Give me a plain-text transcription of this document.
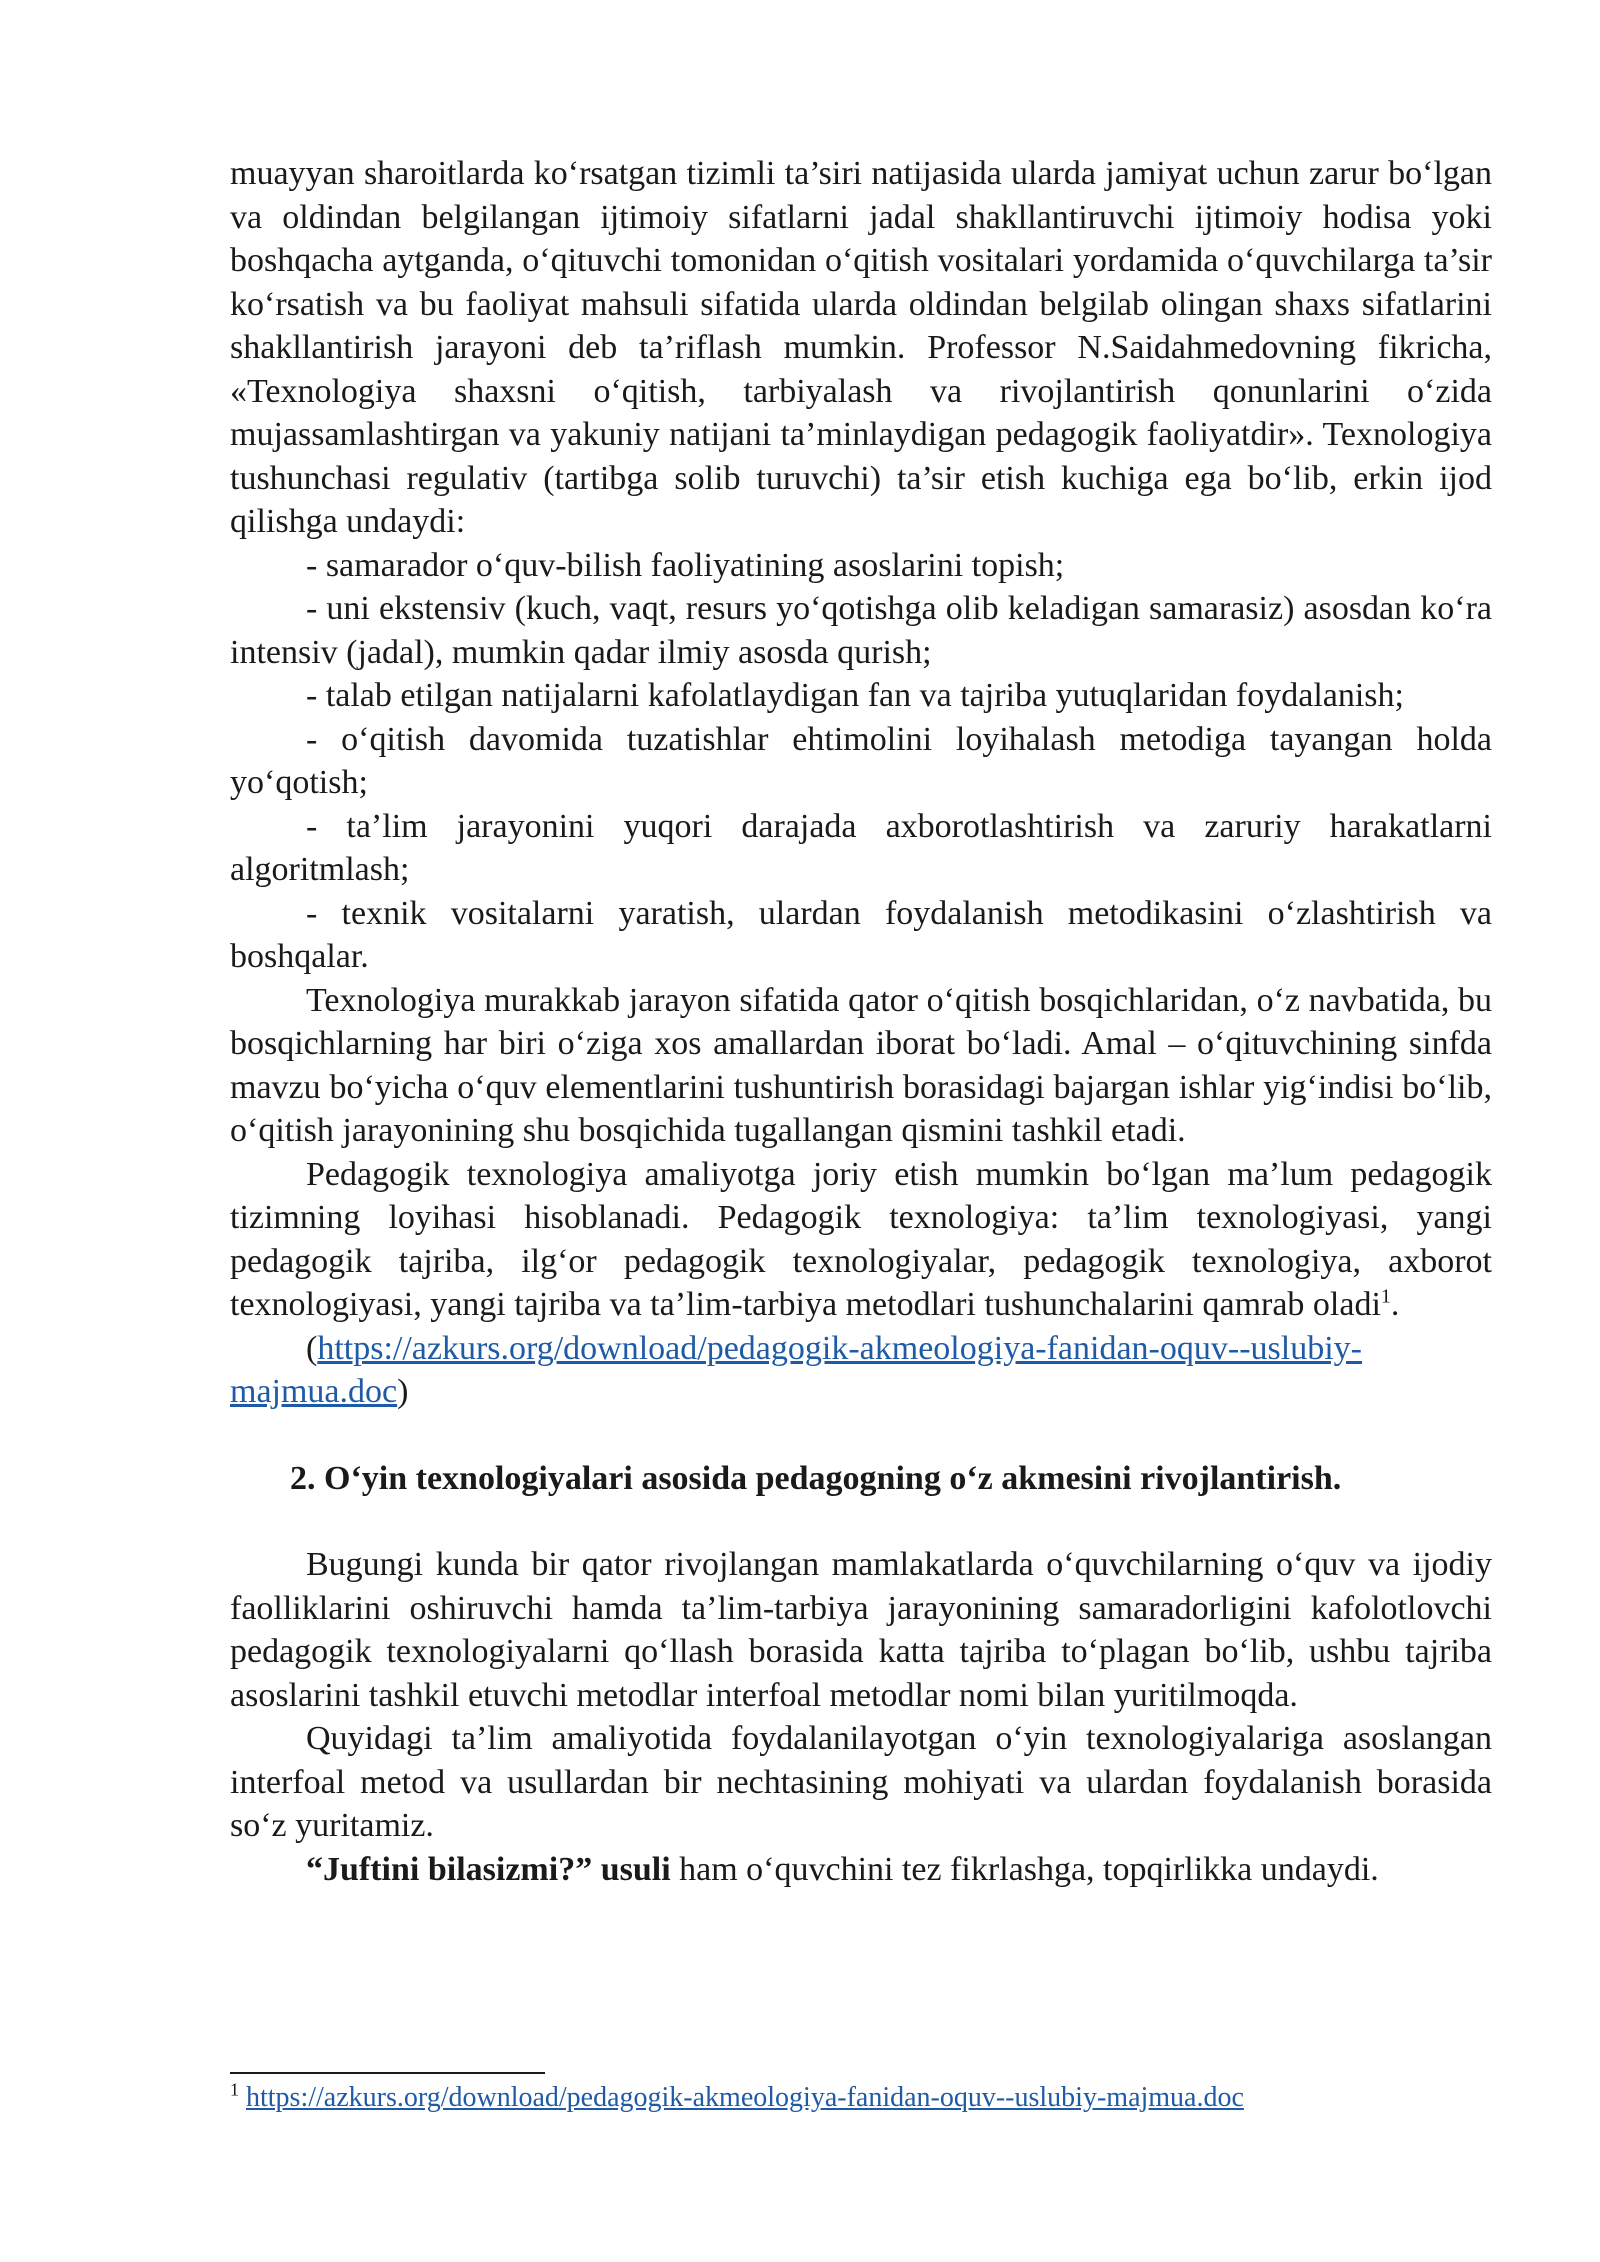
muayyan sharoitlarda ko‘rsatgan tizimli ta’siri natijasida ularda jamiyat uchun zarur bo‘lgan va oldindan belgilangan ijtimoiy sifatlarni jadal shakllantiruvchi ijtimoiy hodisa yoki boshqacha aytganda, o‘qituvchi tomonidan o‘qitish vositalari yordamida o‘quvchilarga ta’sir ko‘rsatish va bu faoliyat mahsuli sifatida ularda oldindan belgilab olingan shaxs sifatlarini shakllantirish jarayoni deb ta’riflash mumkin. Professor N.Saidahmedovning fikricha, «Texnologiya shaxsni o‘qitish, tarbiyalash va rivojlantirish qonunlarini o‘zida mujassamlashtirgan va yakuniy natijani ta’minlaydigan pedagogik faoliyatdir». Texnologiya tushunchasi regulativ (tartibga solib turuvchi) ta’sir etish kuchiga ega bo‘lib, erkin ijod qilishga undaydi:

- samarador o‘quv-bilish faoliyatining asoslarini topish;

- uni ekstensiv (kuch, vaqt, resurs yo‘qotishga olib keladigan samarasiz) asosdan ko‘ra intensiv (jadal), mumkin qadar ilmiy asosda qurish;

- talab etilgan natijalarni kafolatlaydigan fan va tajriba yutuqlaridan foydalanish;

- o‘qitish davomida tuzatishlar ehtimolini loyihalash metodiga tayangan holda yo‘qotish;

- ta’lim jarayonini yuqori darajada axborotlashtirish va zaruriy harakatlarni algoritmlash;

- texnik vositalarni yaratish, ulardan foydalanish metodikasini o‘zlashtirish va boshqalar.

Texnologiya murakkab jarayon sifatida qator o‘qitish bosqichlaridan, o‘z navbatida, bu bosqichlarning har biri o‘ziga xos amallardan iborat bo‘ladi. Amal – o‘qituvchining sinfda mavzu bo‘yicha o‘quv elementlarini tushuntirish borasidagi bajargan ishlar yig‘indisi bo‘lib, o‘qitish jarayonining shu bosqichida tugallangan qismini tashkil etadi.

Pedagogik texnologiya amaliyotga joriy etish mumkin bo‘lgan ma’lum pedagogik tizimning loyihasi hisoblanadi. Pedagogik texnologiya: ta’lim texnologiyasi, yangi pedagogik tajriba, ilg‘or pedagogik texnologiyalar, pedagogik texnologiya, axborot texnologiyasi, yangi tajriba va ta’lim-tarbiya metodlari tushunchalarini qamrab oladi$^1$.

(https://azkurs.org/download/pedagogik-akmeologiya-fanidan-oquv--uslubiy-majmua.doc)

2. O‘yin texnologiyalari asosida pedagogning o‘z akmesini rivojlantirish.

Bugungi kunda bir qator rivojlangan mamlakatlarda o‘quvchilarning o‘quv va ijodiy faolliklarini oshiruvchi hamda ta’lim-tarbiya jarayonining samaradorligini kafolotlovchi pedagogik texnologiyalarni qo‘llash borasida katta tajriba to‘plagan bo‘lib, ushbu tajriba asoslarini tashkil etuvchi metodlar interfoal metodlar nomi bilan yuritilmoqda.

Quyidagi ta’lim amaliyotida foydalanilayotgan o‘yin texnologiyalariga asoslangan interfoal metod va usullardan bir nechtasining mohiyati va ulardan foydalanish borasida so‘z yuritamiz.

“Juftini bilasizmi?” usuli ham o‘quvchini tez fikrlashga, topqirlikka undaydi.

$^1$ https://azkurs.org/download/pedagogik-akmeologiya-fanidan-oquv--uslubiy-majmua.doc
